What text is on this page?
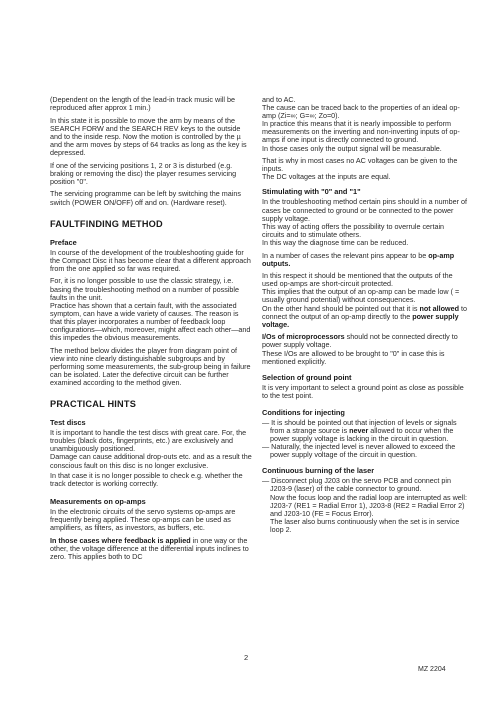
(Dependent on the length of the lead-in track music will be reproduced after approx 1 min.)

In this state it is possible to move the arm by means of the SEARCH FORW and the SEARCH REV keys to the outside and to the inside resp. Now the motion is controlled by the µ and the arm moves by steps of 64 tracks as long as the key is depressed.

If one of the servicing positions 1, 2 or 3 is disturbed (e.g. braking or removing the disc) the player resumes servicing position "0".

The servicing programme can be left by switching the mains switch (POWER ON/OFF) off and on. (Hardware reset).

FAULTFINDING METHOD
Preface

In course of the development of the troubleshooting guide for the Compact Disc it has become clear that a different approach from the one applied so far was required.

For, it is no longer possible to use the classic strategy, i.e. basing the troubleshooting method on a number of possible faults in the unit.

Practice has shown that a certain fault, with the associated symptom, can have a wide variety of causes. The reason is that this player incorporates a number of feedback loop configurations—which, moreover, might affect each other—and this impedes the obvious measurements.

The method below divides the player from diagram point of view into nine clearly distinguishable subgroups and by performing some measurements, the sub-group being in failure can be isolated. Later the defective circuit can be further examined according to the method given.

PRACTICAL HINTS
Test discs

It is important to handle the test discs with great care. For, the troubles (black dots, fingerprints, etc.) are exclusively and unambiguously positioned.

Damage can cause additional drop-outs etc. and as a result the conscious fault on this disc is no longer exclusive.

In that case it is no longer possible to check e.g. whether the track detector is working correctly.

Measurements on op-amps

In the electronic circuits of the servo systems op-amps are frequently being applied. These op-amps can be used as amplifiers, as filters, as investors, as buffers, etc.

In those cases where feedback is applied in one way or the other, the voltage difference at the differential inputs inclines to zero. This applies both to DC

and to AC.

The cause can be traced back to the properties of an ideal op-amp (Zi=∞; G=∞; Zo=0).

In practice this means that it is nearly impossible to perform measurements on the inverting and non-inverting inputs of op-amps if one input is directly connected to ground.

In those cases only the output signal will be measurable.

That is why in most cases no AC voltages can be given to the inputs.

The DC voltages at the inputs are equal.

Stimulating with "0" and "1"

In the troubleshooting method certain pins should in a number of cases be connected to ground or be connected to the power supply voltage.

This way of acting offers the possibility to overrule certain circuits and to stimulate others.

In this way the diagnose time can be reduced.

In a number of cases the relevant pins appear to be op-amp outputs.

In this respect it should be mentioned that the outputs of the used op-amps are short-circuit protected.

This implies that the output of an op-amp can be made low ( = usually ground potential) without consequences.

On the other hand should be pointed out that it is not allowed to connect the output of an op-amp directly to the power supply voltage.

I/Os of microprocessors should not be connected directly to power supply voltage.

These I/Os are allowed to be brought to "0" in case this is mentioned explicitly.

Selection of ground point

It is very important to select a ground point as close as possible to the test point.

Conditions for injecting

— It is should be pointed out that injection of levels or signals from a strange source is never allowed to occur when the power supply voltage is lacking in the circuit in question.

— Naturally, the injected level is never allowed to exceed the power supply voltage of the circuit in question.

Continuous burning of the laser

— Disconnect plug J203 on the servo PCB and connect pin J203-9 (laser) of the cable connector to ground.

Now the focus loop and the radial loop are interrupted as well:

J203-7 (RE1 = Radial Error 1), J203-8 (RE2 = Radial Error 2) and J203-10 (FE = Focus Error).

The laser also burns continuously when the set is in service loop 2.

2
MZ 2204
